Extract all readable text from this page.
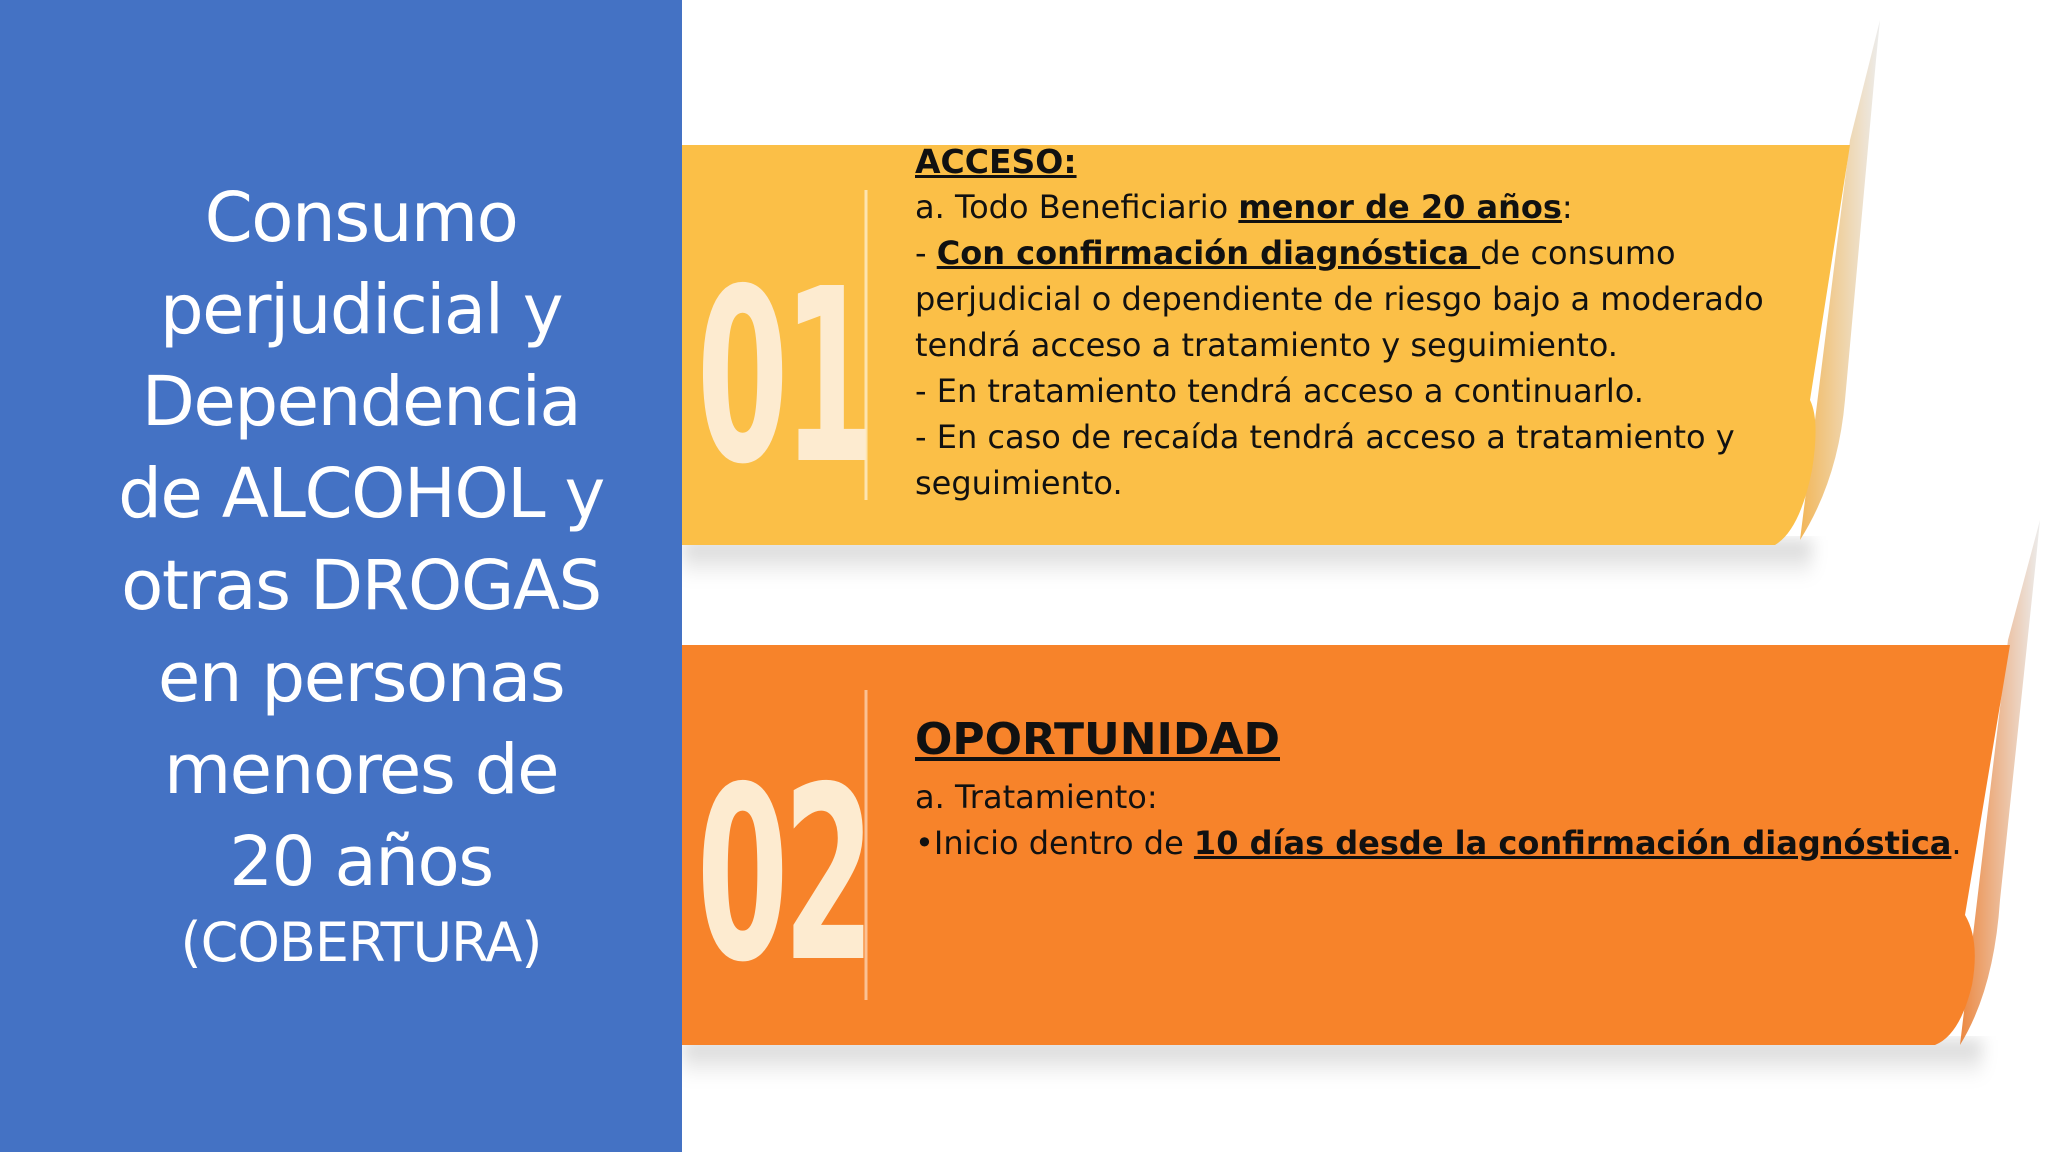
01
02
Consumo
perjudicial y
Dependencia
de ALCOHOL y
otras DROGAS
en personas
menores de
20 años
(COBERTURA)
ACCESO:
a. Todo Beneficiario menor de 20 años:
- Con confirmación diagnóstica de consumo
perjudicial o dependiente de riesgo bajo a moderado
tendrá acceso a tratamiento y seguimiento.
- En tratamiento tendrá acceso a continuarlo.
- En caso de recaída tendrá acceso a tratamiento y
seguimiento.
OPORTUNIDAD
a. Tratamiento:
•Inicio dentro de 10 días desde la confirmación diagnóstica.
